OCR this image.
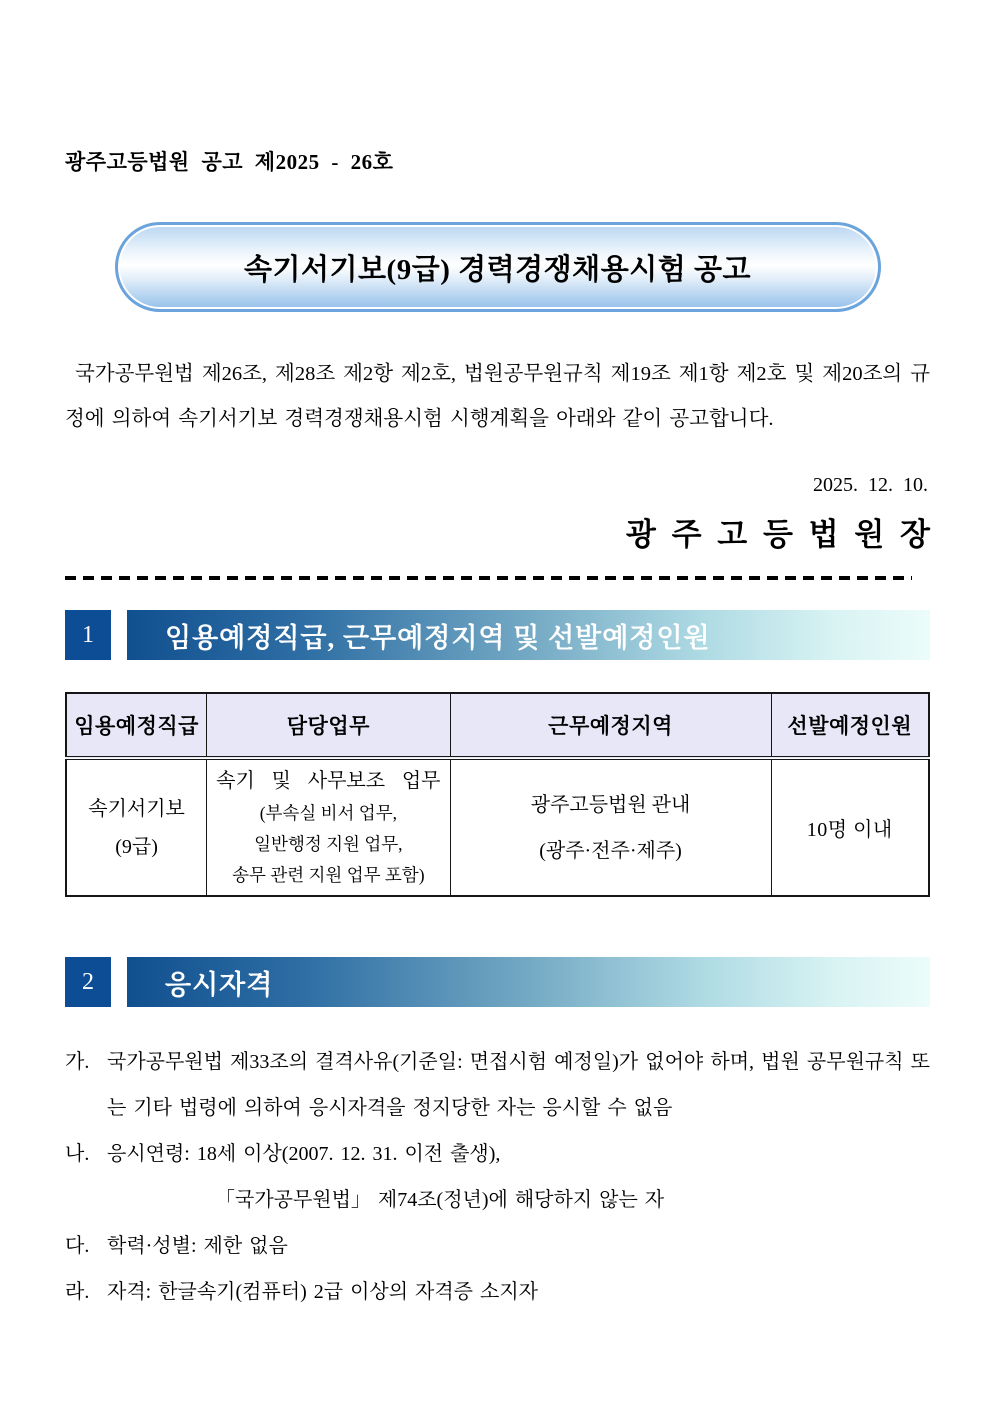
광주고등법원 공고 제2025 - 26호
속기서기보(9급) 경력경쟁채용시험 공고

국가공무원법 제26조, 제28조 제2항 제2호, 법원공무원규칙 제19조 제1항 제2호 및 제20조의 규정에 의하여 속기서기보 경력경쟁채용시험 시행계획을 아래와 같이 공고합니다.

2025.  12.  10.
광 주 고 등 법 원 장
1	임용예정직급, 근무예정지역 및 선발예정인원
임용예정직급	담당업무	근무예정지역	선발예정인원

속기서기보
(9급)	속기 및 사무보조 업무
(부속실 비서 업무,
일반행정 지원 업무,
송무 관련 지원 업무 포함)	광주고등법원 관내
(광주·전주·제주)	10명 이내
2	응시자격
가. 국가공무원법 제33조의 결격사유(기준일: 면접시험 예정일)가 없어야 하며, 법원 공무원규칙 또는 기타 법령에 의하여 응시자격을 정지당한 자는 응시할 수 없음
나. 응시연령: 18세 이상(2007. 12. 31. 이전 출생),
「국가공무원법」 제74조(정년)에 해당하지 않는 자
다. 학력·성별: 제한 없음
라. 자격: 한글속기(컴퓨터) 2급 이상의 자격증 소지자
